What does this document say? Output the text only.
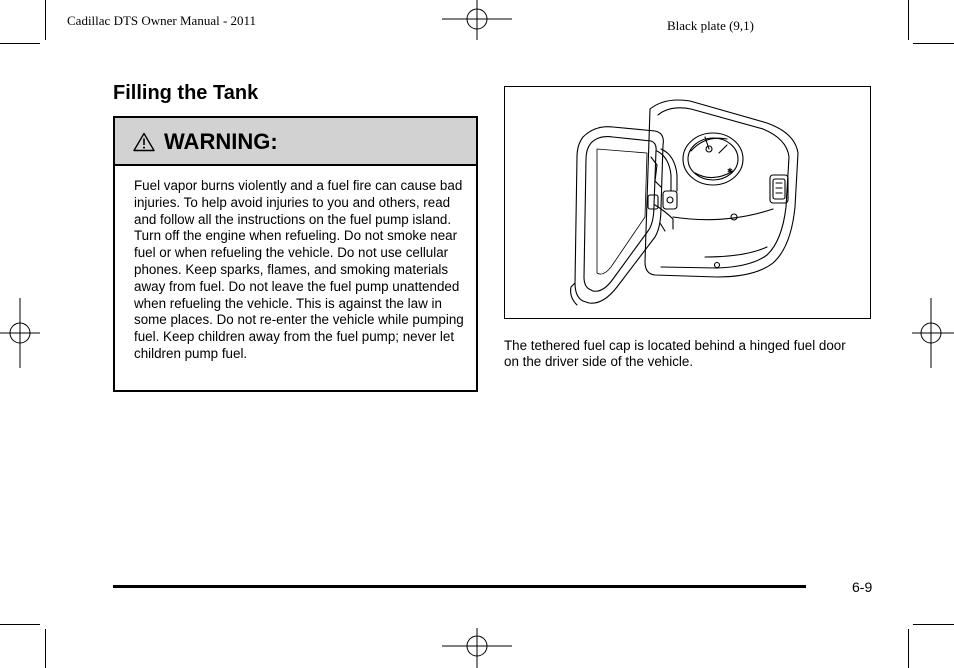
Cadillac DTS Owner Manual - 2011	Black plate (9,1)
Filling the Tank
WARNING:
Fuel vapor burns violently and a fuel fire can cause bad injuries. To help avoid injuries to you and others, read and follow all the instructions on the fuel pump island. Turn off the engine when refueling. Do not smoke near fuel or when refueling the vehicle. Do not use cellular phones. Keep sparks, flames, and smoking materials away from fuel. Do not leave the fuel pump unattended when refueling the vehicle. This is against the law in some places. Do not re-enter the vehicle while pumping fuel. Keep children away from the fuel pump; never let children pump fuel.
✱
The tethered fuel cap is located behind a hinged fuel door on the driver side of the vehicle.
6-9
